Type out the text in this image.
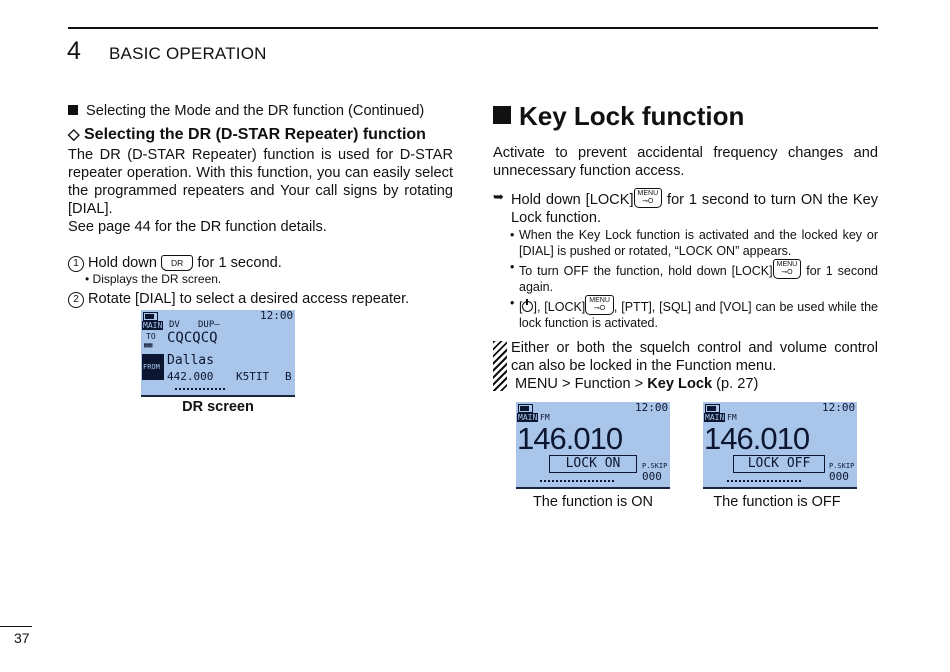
4 BASIC OPERATION
Selecting the Mode and the DR function (Continued)
◇ Selecting the DR (D-STAR Repeater) function

The DR (D-STAR Repeater) function is used for D-STAR repeater operation. With this function, you can easily select the programmed repeaters and Your call signs by rotating [DIAL].

See page 44 for the DR function details.

1 Hold down DR for 1 second.
• Displays the DR screen.
2 Rotate [DIAL] to select a desired access repeater.
12:00
MAIN DV DUP–
TO
▦▦ CQCQCQ
FROM Dallas
442.000 K5TIT B
DR screen
Key Lock function

Activate to prevent accidental frequency changes and unnecessary function access.

➥ Hold down [LOCK] MENU
⊸O for 1 second to turn ON the Key Lock function.
• When the Key Lock function is activated and the locked key or [DIAL] is pushed or rotated, “LOCK ON” appears.
• To turn OFF the function, hold down [LOCK] MENU
⊸O for 1 second again.
• [ ], [LOCK] MENU
⊸O , [PTT], [SQL] and [VOL] can be used while the lock function is activated.
Either or both the squelch control and volume control can also be locked in the Function menu.
MENU > Function > Key Lock (p. 27)
12:00
MAIN FM
146.010
LOCK ON	P.SKIP
000
The function is ON
12:00
MAIN FM
146.010
LOCK OFF	P.SKIP
000
The function is OFF
37
